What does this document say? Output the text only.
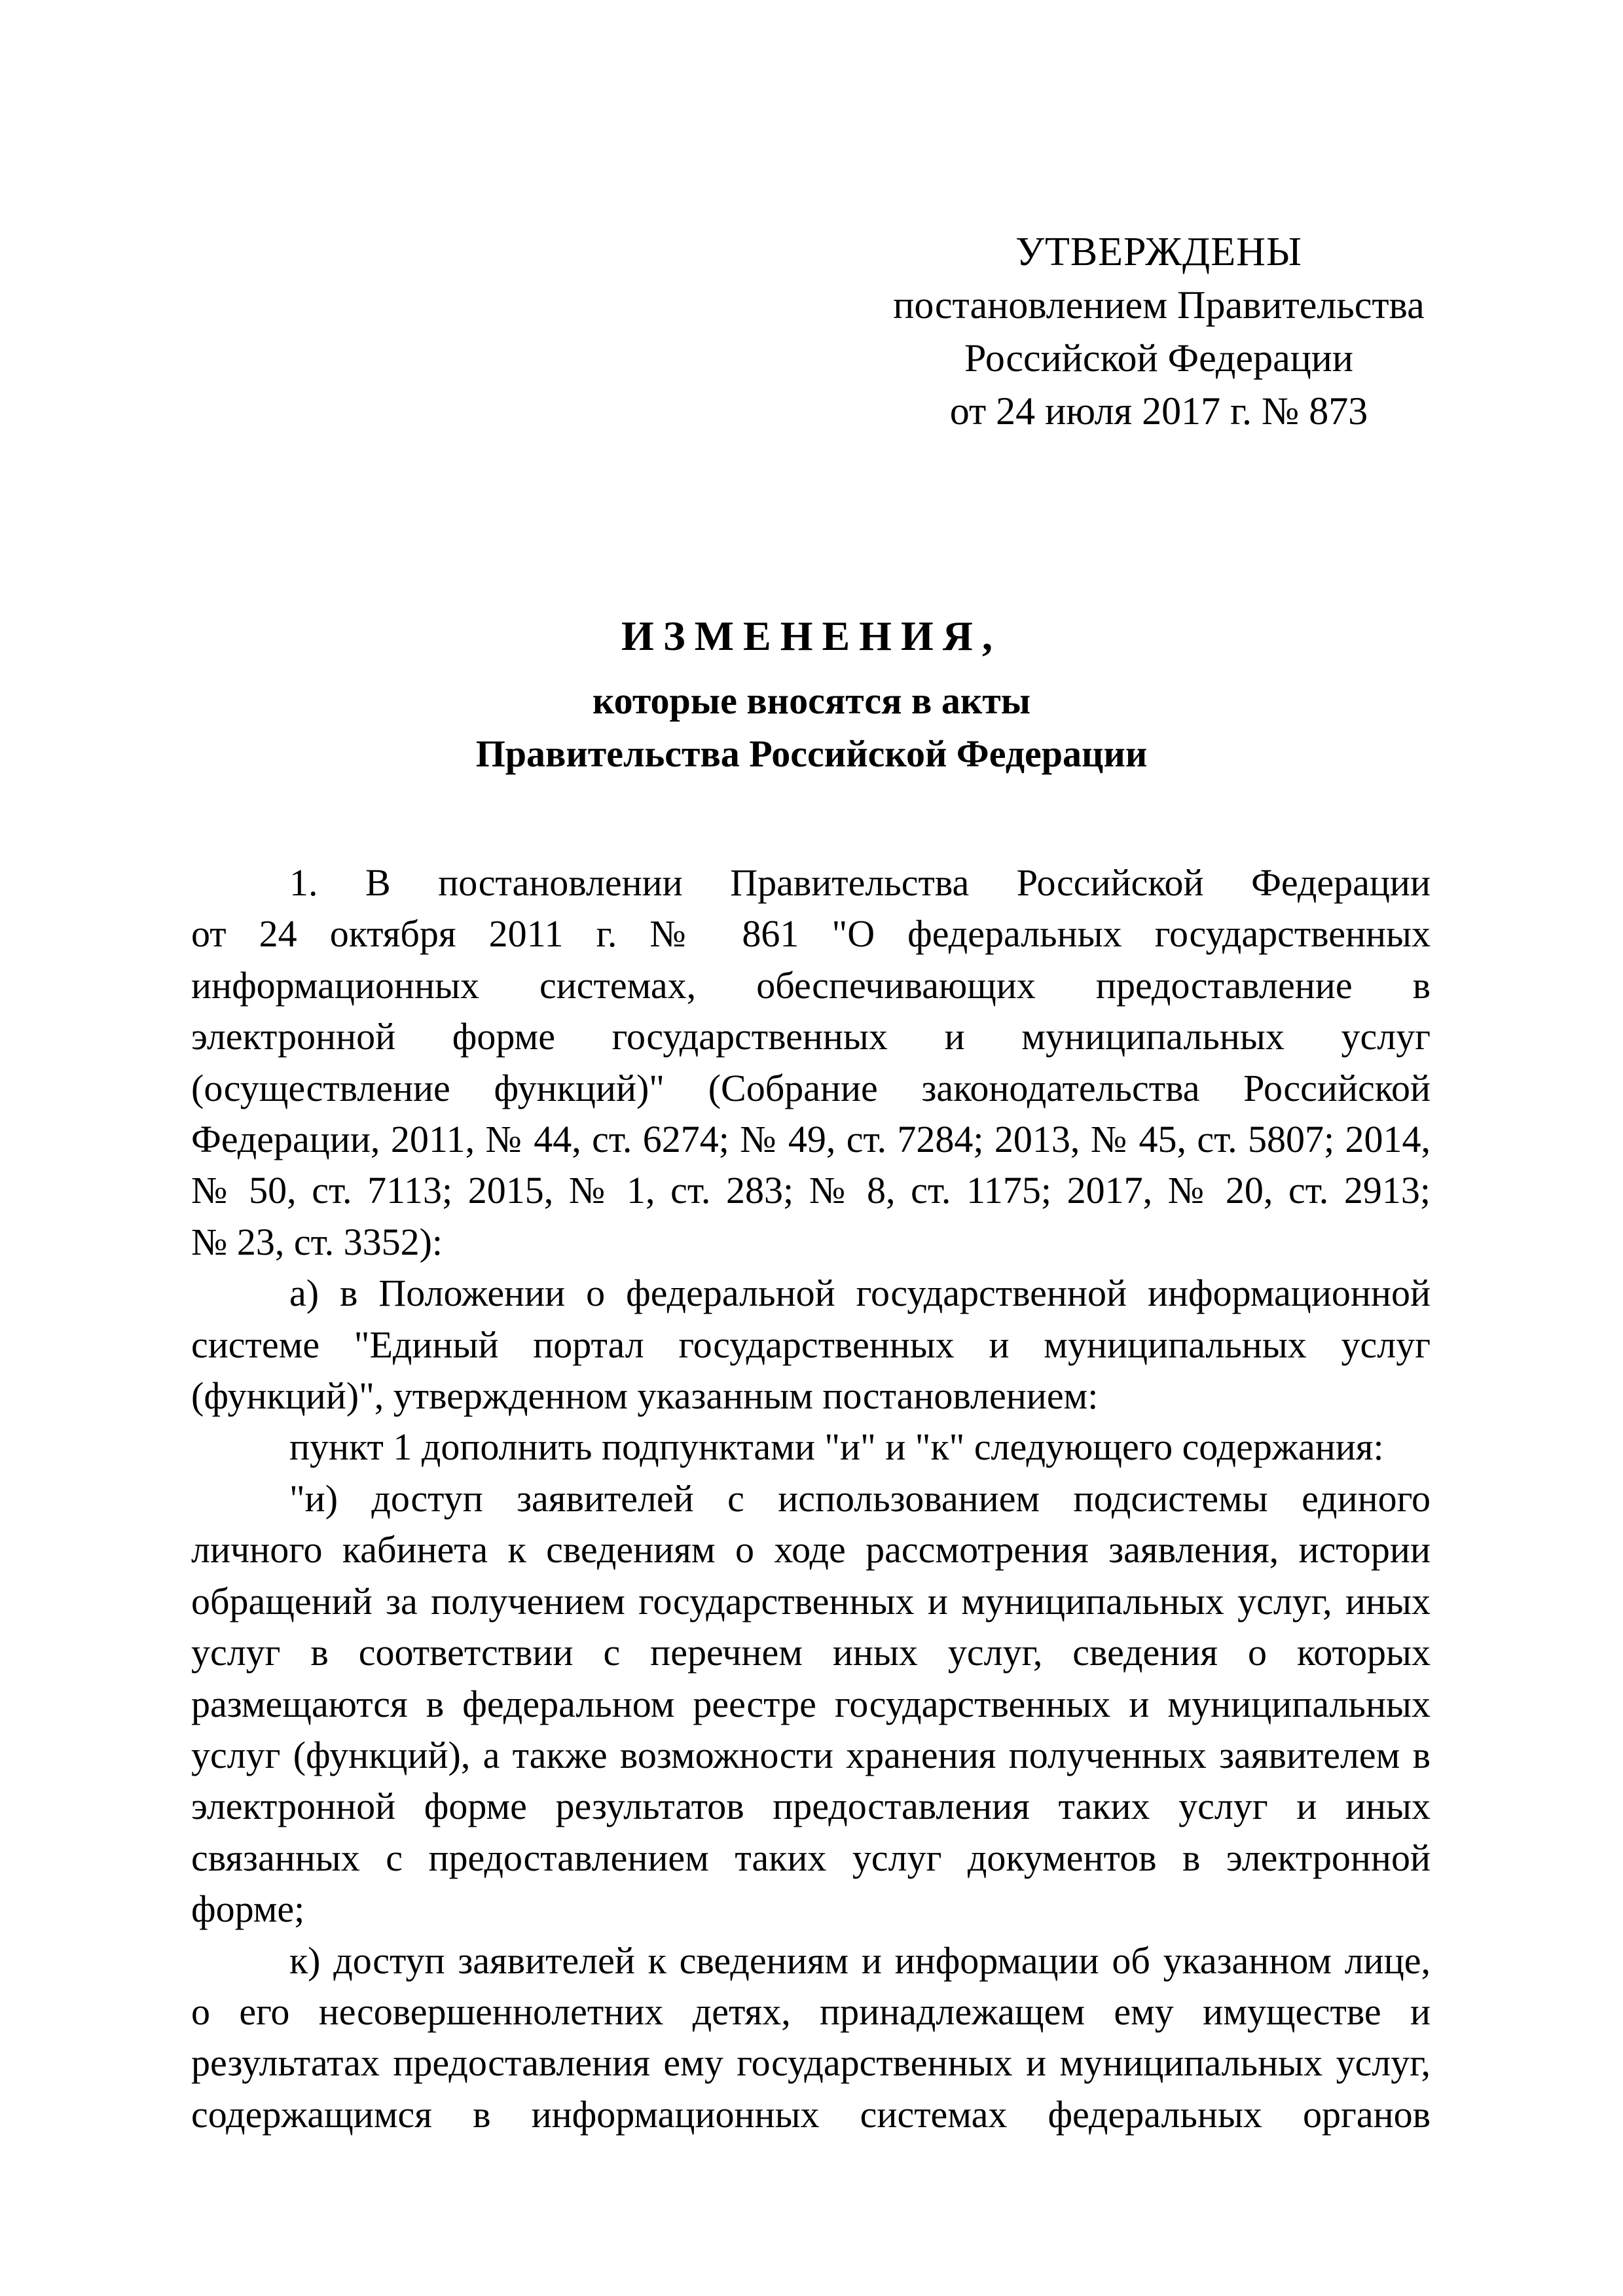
УТВЕРЖДЕНЫ
постановлением Правительства
Российской Федерации
от 24 июля 2017 г. № 873
ИЗМЕНЕНИЯ,
которые вносятся в акты
Правительства Российской Федерации
1. В постановлении Правительства Российской Федерации
от 24 октября 2011 г. № 861 "О федеральных государственных
информационных системах, обеспечивающих предоставление в
электронной форме государственных и муниципальных услуг
(осуществление функций)" (Собрание законодательства Российской
Федерации, 2011, № 44, ст. 6274; № 49, ст. 7284; 2013, № 45, ст. 5807; 2014,
№ 50, ст. 7113; 2015, № 1, ст. 283; № 8, ст. 1175; 2017, № 20, ст. 2913;
№ 23, ст. 3352):
а) в Положении о федеральной государственной информационной
системе "Единый портал государственных и муниципальных услуг
(функций)", утвержденном указанным постановлением:
пункт 1 дополнить подпунктами "и" и "к" следующего содержания:
"и) доступ заявителей с использованием подсистемы единого
личного кабинета к сведениям о ходе рассмотрения заявления, истории
обращений за получением государственных и муниципальных услуг, иных
услуг в соответствии с перечнем иных услуг, сведения о которых
размещаются в федеральном реестре государственных и муниципальных
услуг (функций), а также возможности хранения полученных заявителем в
электронной форме результатов предоставления таких услуг и иных
связанных с предоставлением таких услуг документов в электронной
форме;
к) доступ заявителей к сведениям и информации об указанном лице,
о его несовершеннолетних детях, принадлежащем ему имуществе и
результатах предоставления ему государственных и муниципальных услуг,
содержащимся в информационных системах федеральных органов
